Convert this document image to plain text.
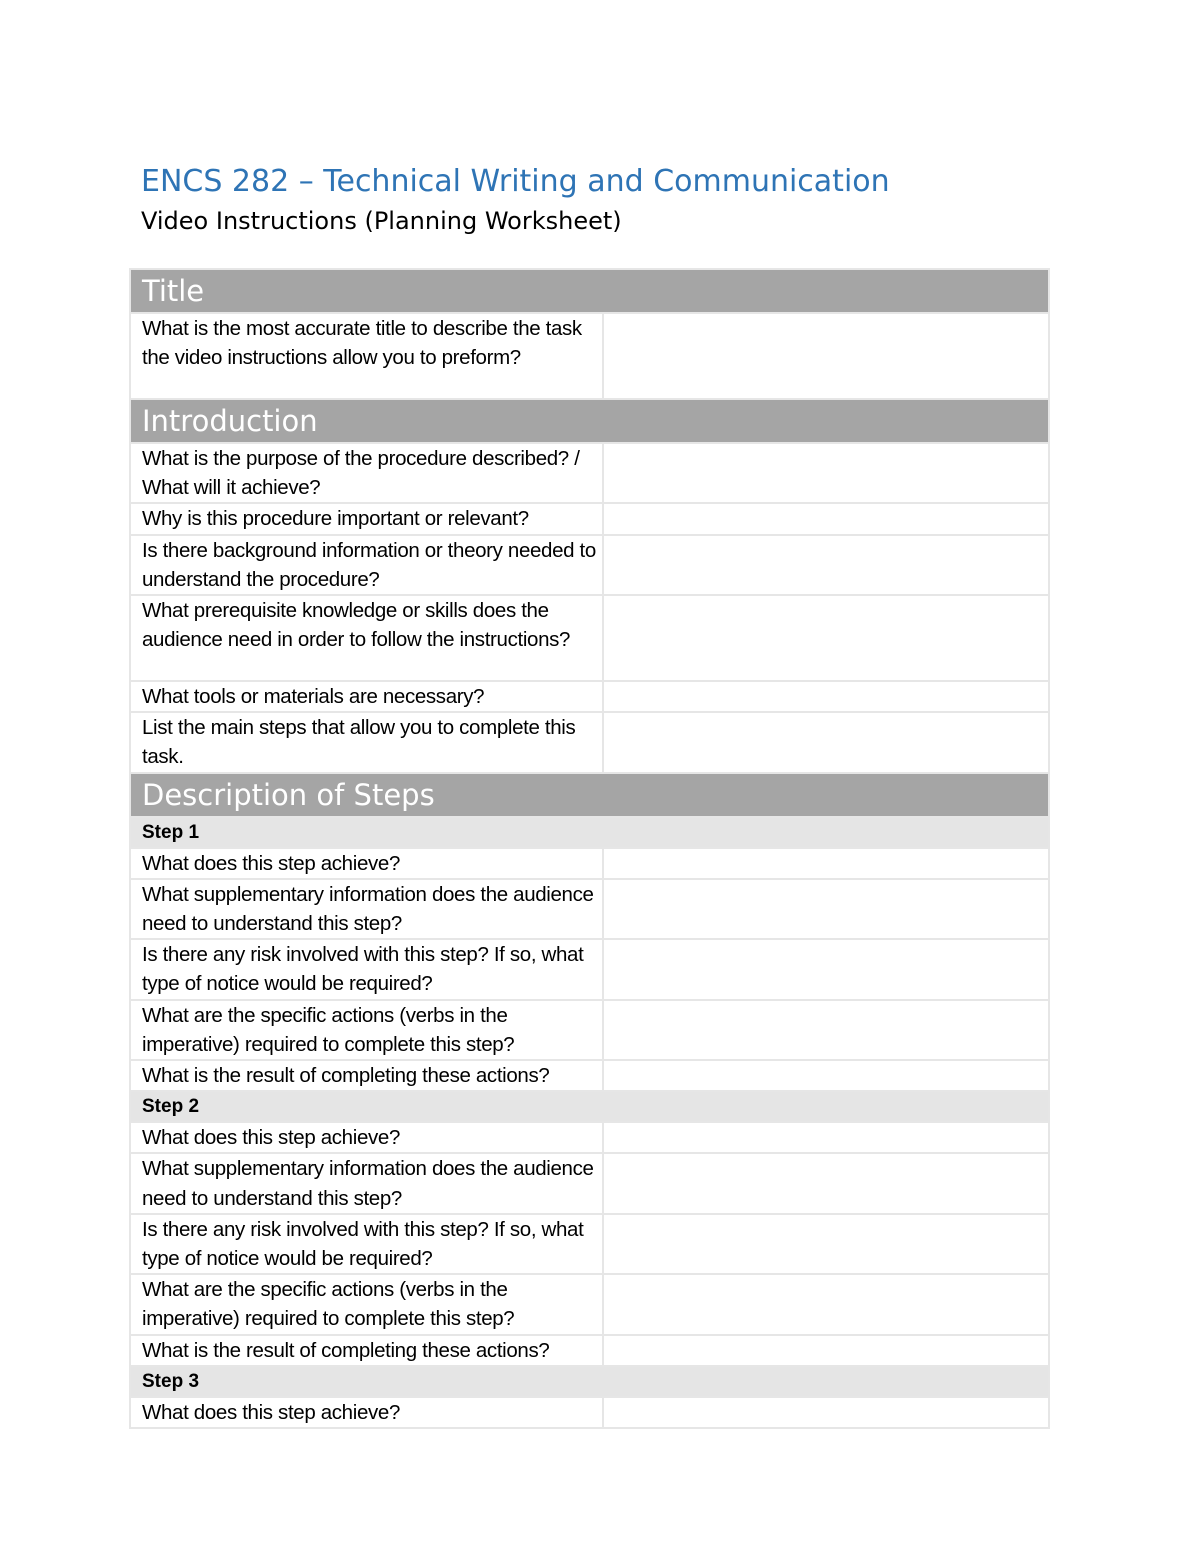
ENCS 282 – Technical Writing and Communication
Video Instructions (Planning Worksheet)
Title	

What is the most accurate title to describe the task the video instructions allow you to preform?	

Introduction	

What is the purpose of the procedure described? / What will it achieve?	

Why is this procedure important or relevant?	

Is there background information or theory needed to understand the procedure?	

What prerequisite knowledge or skills does the audience need in order to follow the instructions?	

What tools or materials are necessary?	

List the main steps that allow you to complete this task.	

Description of Steps	
Step 1	

What does this step achieve?	

What supplementary information does the audience need to understand this step?	

Is there any risk involved with this step? If so, what type of notice would be required?	

What are the specific actions (verbs in the imperative) required to complete this step?	

What is the result of completing these actions?	

Step 2	

What does this step achieve?	

What supplementary information does the audience need to understand this step?	

Is there any risk involved with this step? If so, what type of notice would be required?	

What are the specific actions (verbs in the imperative) required to complete this step?	

What is the result of completing these actions?	

Step 3	

What does this step achieve?	
